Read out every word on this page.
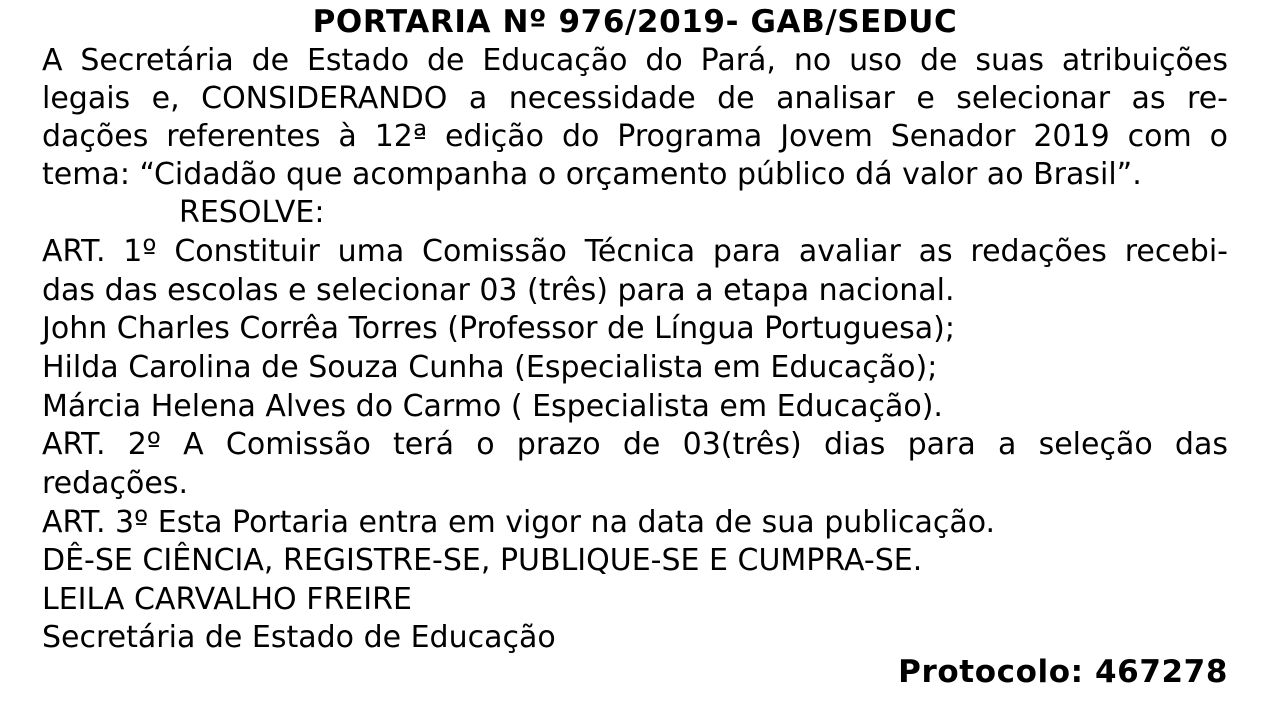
PORTARIA Nº 976/2019- GAB/SEDUC
A Secretária de Estado de Educação do Pará, no uso de suas atribuições
legais e, CONSIDERANDO a necessidade de analisar e selecionar as re-
dações referentes à 12ª edição do Programa Jovem Senador 2019 com o
tema: “Cidadão que acompanha o orçamento público dá valor ao Brasil”.
RESOLVE:
ART. 1º Constituir uma Comissão Técnica para avaliar as redações recebi-
das das escolas e selecionar 03 (três) para a etapa nacional.
John Charles Corrêa Torres (Professor de Língua Portuguesa);
Hilda Carolina de Souza Cunha (Especialista em Educação);
Márcia Helena Alves do Carmo ( Especialista em Educação).
ART. 2º A Comissão terá o prazo de 03(três) dias para a seleção das
redações.
ART. 3º Esta Portaria entra em vigor na data de sua publicação.
DÊ-SE CIÊNCIA, REGISTRE-SE, PUBLIQUE-SE E CUMPRA-SE.
LEILA CARVALHO FREIRE
Secretária de Estado de Educação
Protocolo: 467278
